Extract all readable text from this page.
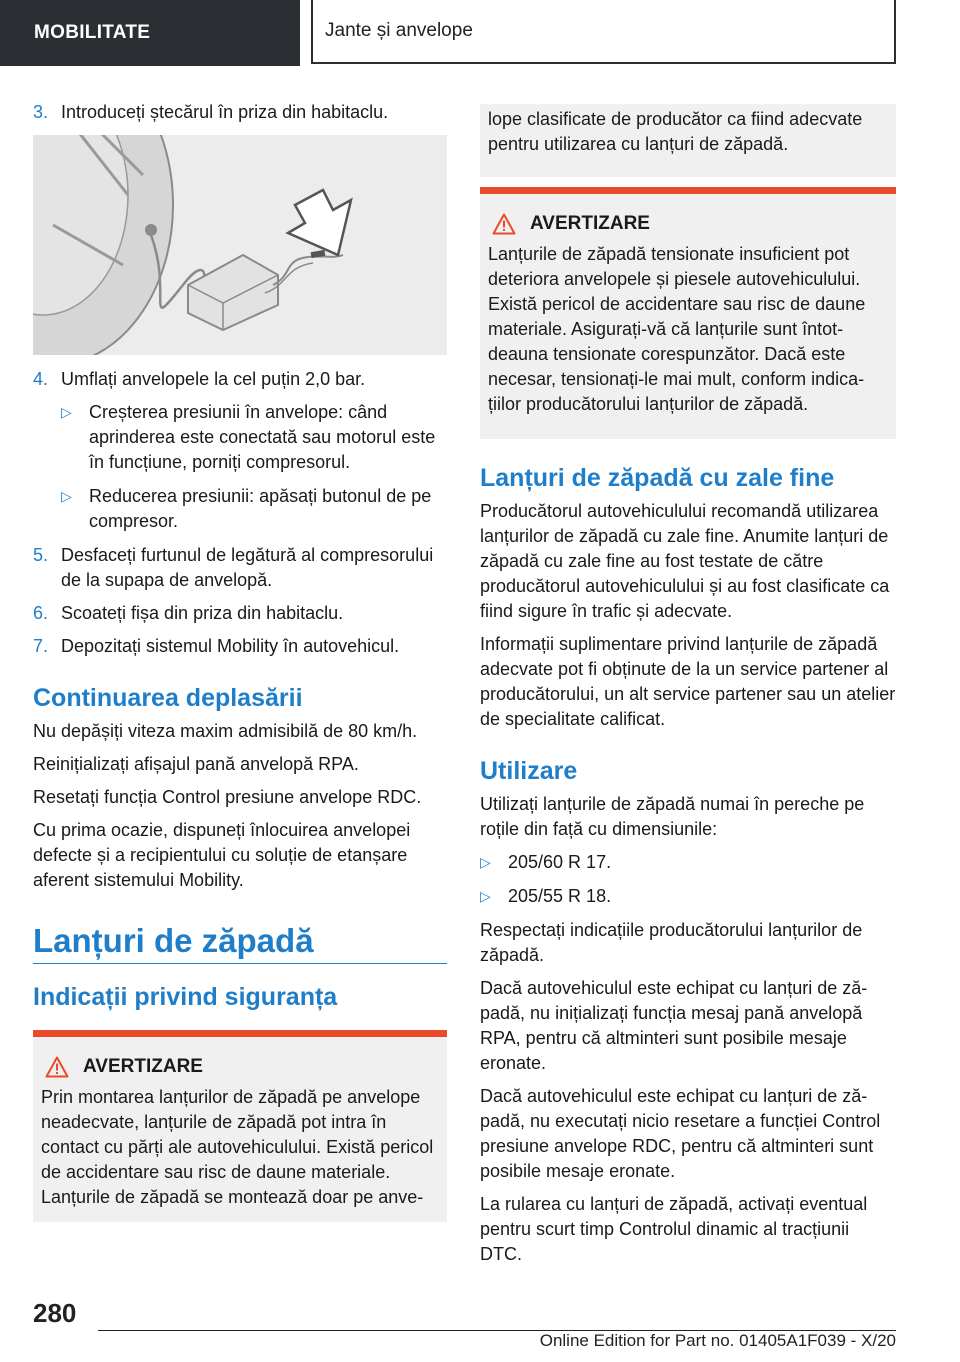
MOBILITATE	Jante și anvelope
3. Introduceți ștecărul în priza din habitaclu.
4. Umflați anvelopele la cel puțin 2,0 bar.
▷ Creșterea presiunii în anvelope: când aprinderea este conectată sau motorul este în funcțiune, porniți compresorul.
▷ Reducerea presiunii: apăsați butonul de pe compresor.
5. Desfaceți furtunul de legătură al compresorului de la supapa de anvelopă.
6. Scoateți fișa din priza din habitaclu.
7. Depozitați sistemul Mobility în autovehicul.
Continuarea deplasării

Nu depășiți viteza maxim admisibilă de 80 km/h.

Reinițializați afișajul pană anvelopă RPA.

Resetați funcția Control presiune anvelope RDC.

Cu prima ocazie, dispuneți înlocuirea anvelopei defecte și a recipientului cu soluție de etanșare aferent sistemului Mobility.

Lanțuri de zăpadă
Indicații privind siguranța
AVERTIZARE
Prin montarea lanțurilor de zăpadă pe anvelope neadecvate, lanțurile de zăpadă pot intra în contact cu părți ale autovehiculului. Există pericol de accidentare sau risc de daune materiale. Lanțurile de zăpadă se montează doar pe anve-
lope clasificate de producător ca fiind adecvate pentru utilizarea cu lanțuri de zăpadă.
AVERTIZARE
Lanțurile de zăpadă tensionate insuficient pot deteriora anvelopele și piesele autovehiculului. Există pericol de accidentare sau risc de daune materiale. Asigurați-vă că lanțurile sunt întotdeauna tensionate corespunzător. Dacă este necesar, tensionați-le mai mult, conform indicațiilor producătorului lanțurilor de zăpadă.
Lanțuri de zăpadă cu zale fine

Producătorul autovehiculului recomandă utilizarea lanțurilor de zăpadă cu zale fine. Anumite lanțuri de zăpadă cu zale fine au fost testate de către producătorul autovehiculului și au fost clasificate ca fiind sigure în trafic și adecvate.

Informații suplimentare privind lanțurile de zăpadă adecvate pot fi obținute de la un service partener al producătorului, un alt service partener sau un atelier de specialitate calificat.

Utilizare

Utilizați lanțurile de zăpadă numai în pereche pe roțile din față cu dimensiunile:

▷ 205/60 R 17.
▷ 205/55 R 18.

Respectați indicațiile producătorului lanțurilor de zăpadă.

Dacă autovehiculul este echipat cu lanțuri de zăpadă, nu inițializați funcția mesaj pană anvelopă RPA, pentru că altminteri sunt posibile mesaje eronate.

Dacă autovehiculul este echipat cu lanțuri de zăpadă, nu executați nicio resetare a funcției Control presiune anvelope RDC, pentru că altminteri sunt posibile mesaje eronate.

La rularea cu lanțuri de zăpadă, activați eventual pentru scurt timp Controlul dinamic al tracțiunii DTC.

280
Online Edition for Part no. 01405A1F039 - X/20
